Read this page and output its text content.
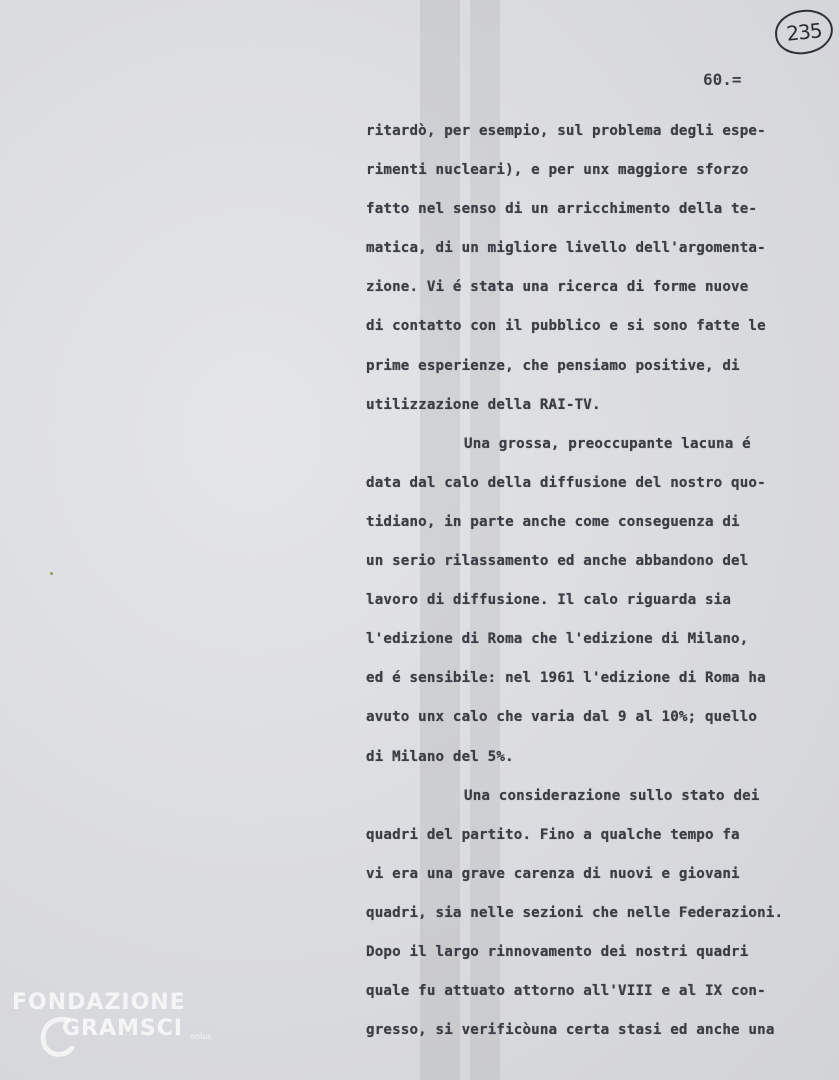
235
60.=
ritardò, per esempio, sul problema degli espe-
rimenti nucleari), e per unx maggiore sforzo
fatto nel senso di un arricchimento della te-
matica, di un migliore livello dell'argomenta-
zione. Vi é stata una ricerca di forme nuove
di contatto con il pubblico e si sono fatte le
prime esperienze, che pensiamo positive, di
utilizzazione della RAI-TV.
Una grossa, preoccupante lacuna é
data dal calo della diffusione del nostro quo-
tidiano, in parte anche come conseguenza di
un serio rilassamento ed anche abbandono del
lavoro di diffusione. Il calo riguarda sia
l'edizione di Roma che l'edizione di Milano,
ed é sensibile: nel 1961 l'edizione di Roma ha
avuto unx calo che varia dal 9 al 10%; quello
di Milano del 5%.
Una considerazione sullo stato dei
quadri del partito. Fino a qualche tempo fa
vi era una grave carenza di nuovi e giovani
quadri, sia nelle sezioni che nelle Federazioni.
Dopo il largo rinnovamento dei nostri quadri
quale fu attuato attorno all'VIII e al IX con-
gresso, si verificòuna certa stasi ed anche una
FONDAZIONE
GRAMSCI onlus
